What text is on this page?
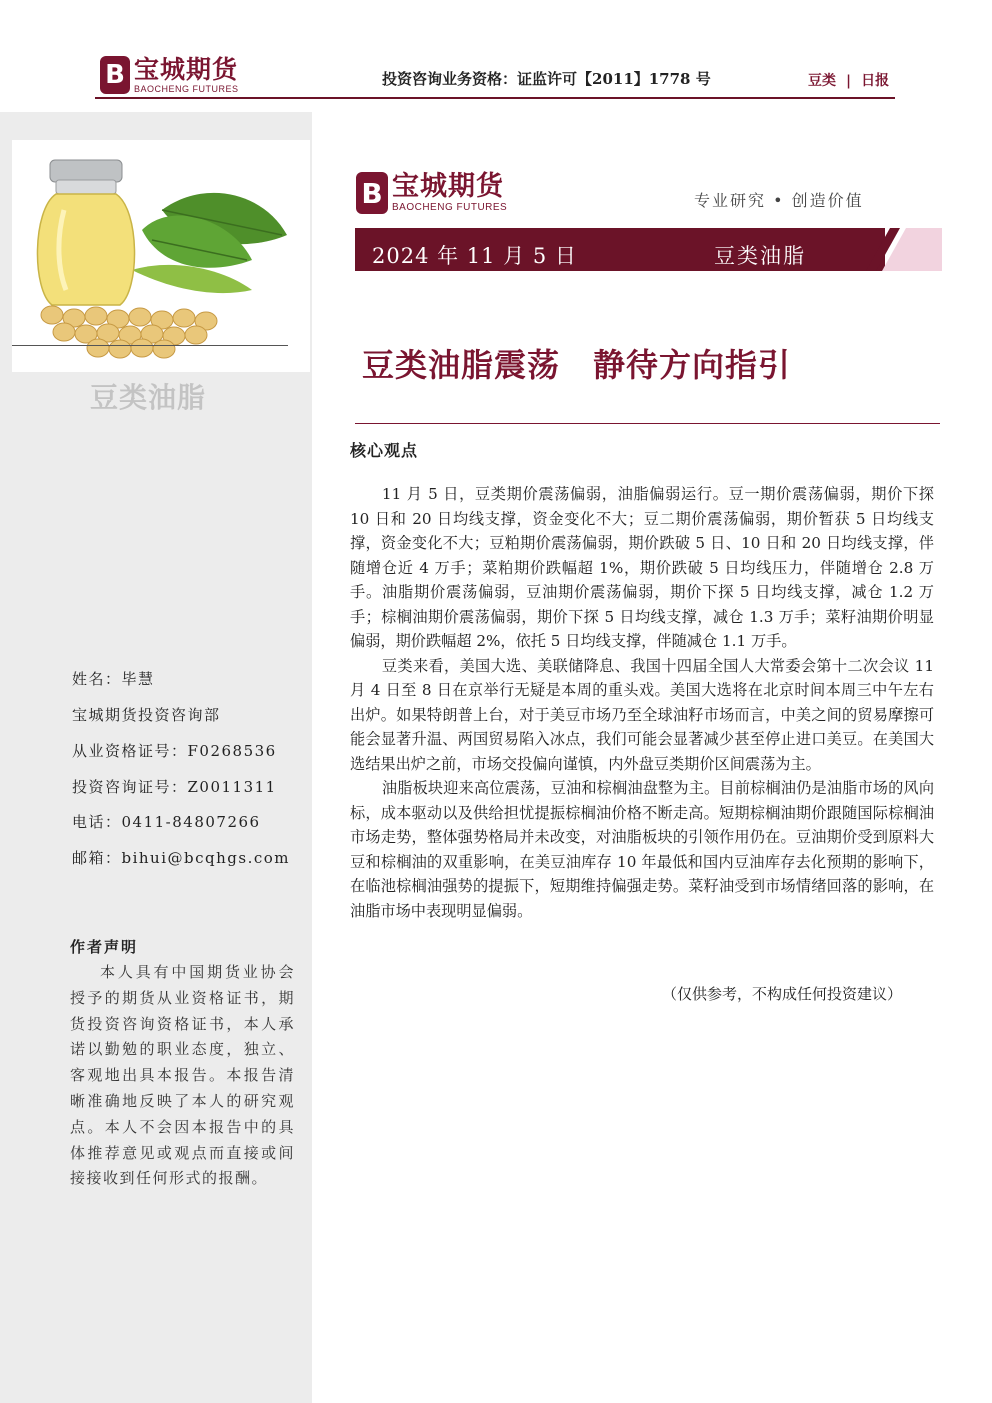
B 宝城期货
BAOCHENG FUTURES
投资咨询业务资格：证监许可【2011】1778 号	豆类 | 日报
豆类油脂
姓名：毕慧
宝城期货投资咨询部
从业资格证号：F0268536
投资咨询证号：Z0011311
电话：0411-84807266
邮箱：bihui@bcqhgs.com
作者声明
本人具有中国期货业协会授予的期货从业资格证书，期货投资咨询资格证书，本人承诺以勤勉的职业态度，独立、客观地出具本报告。本报告清晰准确地反映了本人的研究观点。本人不会因本报告中的具体推荐意见或观点而直接或间接接收到任何形式的报酬。
B 宝城期货
BAOCHENG FUTURES	专业研究 • 创造价值
2024 年 11 月 5 日	豆类油脂
豆类油脂震荡　静待方向指引
核心观点

11 月 5 日，豆类期价震荡偏弱，油脂偏弱运行。豆一期价震荡偏弱，期价下探 10 日和 20 日均线支撑，资金变化不大；豆二期价震荡偏弱，期价暂获 5 日均线支撑，资金变化不大；豆粕期价震荡偏弱，期价跌破 5 日、10 日和 20 日均线支撑，伴随增仓近 4 万手；菜粕期价跌幅超 1%，期价跌破 5 日均线压力，伴随增仓 2.8 万手。油脂期价震荡偏弱，豆油期价震荡偏弱，期价下探 5 日均线支撑，减仓 1.2 万手；棕榈油期价震荡偏弱，期价下探 5 日均线支撑，减仓 1.3 万手；菜籽油期价明显偏弱，期价跌幅超 2%，依托 5 日均线支撑，伴随减仓 1.1 万手。

豆类来看，美国大选、美联储降息、我国十四届全国人大常委会第十二次会议 11 月 4 日至 8 日在京举行无疑是本周的重头戏。美国大选将在北京时间本周三中午左右出炉。如果特朗普上台，对于美豆市场乃至全球油籽市场而言，中美之间的贸易摩擦可能会显著升温、两国贸易陷入冰点，我们可能会显著减少甚至停止进口美豆。在美国大选结果出炉之前，市场交投偏向谨慎，内外盘豆类期价区间震荡为主。

油脂板块迎来高位震荡，豆油和棕榈油盘整为主。目前棕榈油仍是油脂市场的风向标，成本驱动以及供给担忧提振棕榈油价格不断走高。短期棕榈油期价跟随国际棕榈油市场走势，整体强势格局并未改变，对油脂板块的引领作用仍在。豆油期价受到原料大豆和棕榈油的双重影响，在美豆油库存 10 年最低和国内豆油库存去化预期的影响下，在临池棕榈油强势的提振下，短期维持偏强走势。菜籽油受到市场情绪回落的影响，在油脂市场中表现明显偏弱。

（仅供参考，不构成任何投资建议）
